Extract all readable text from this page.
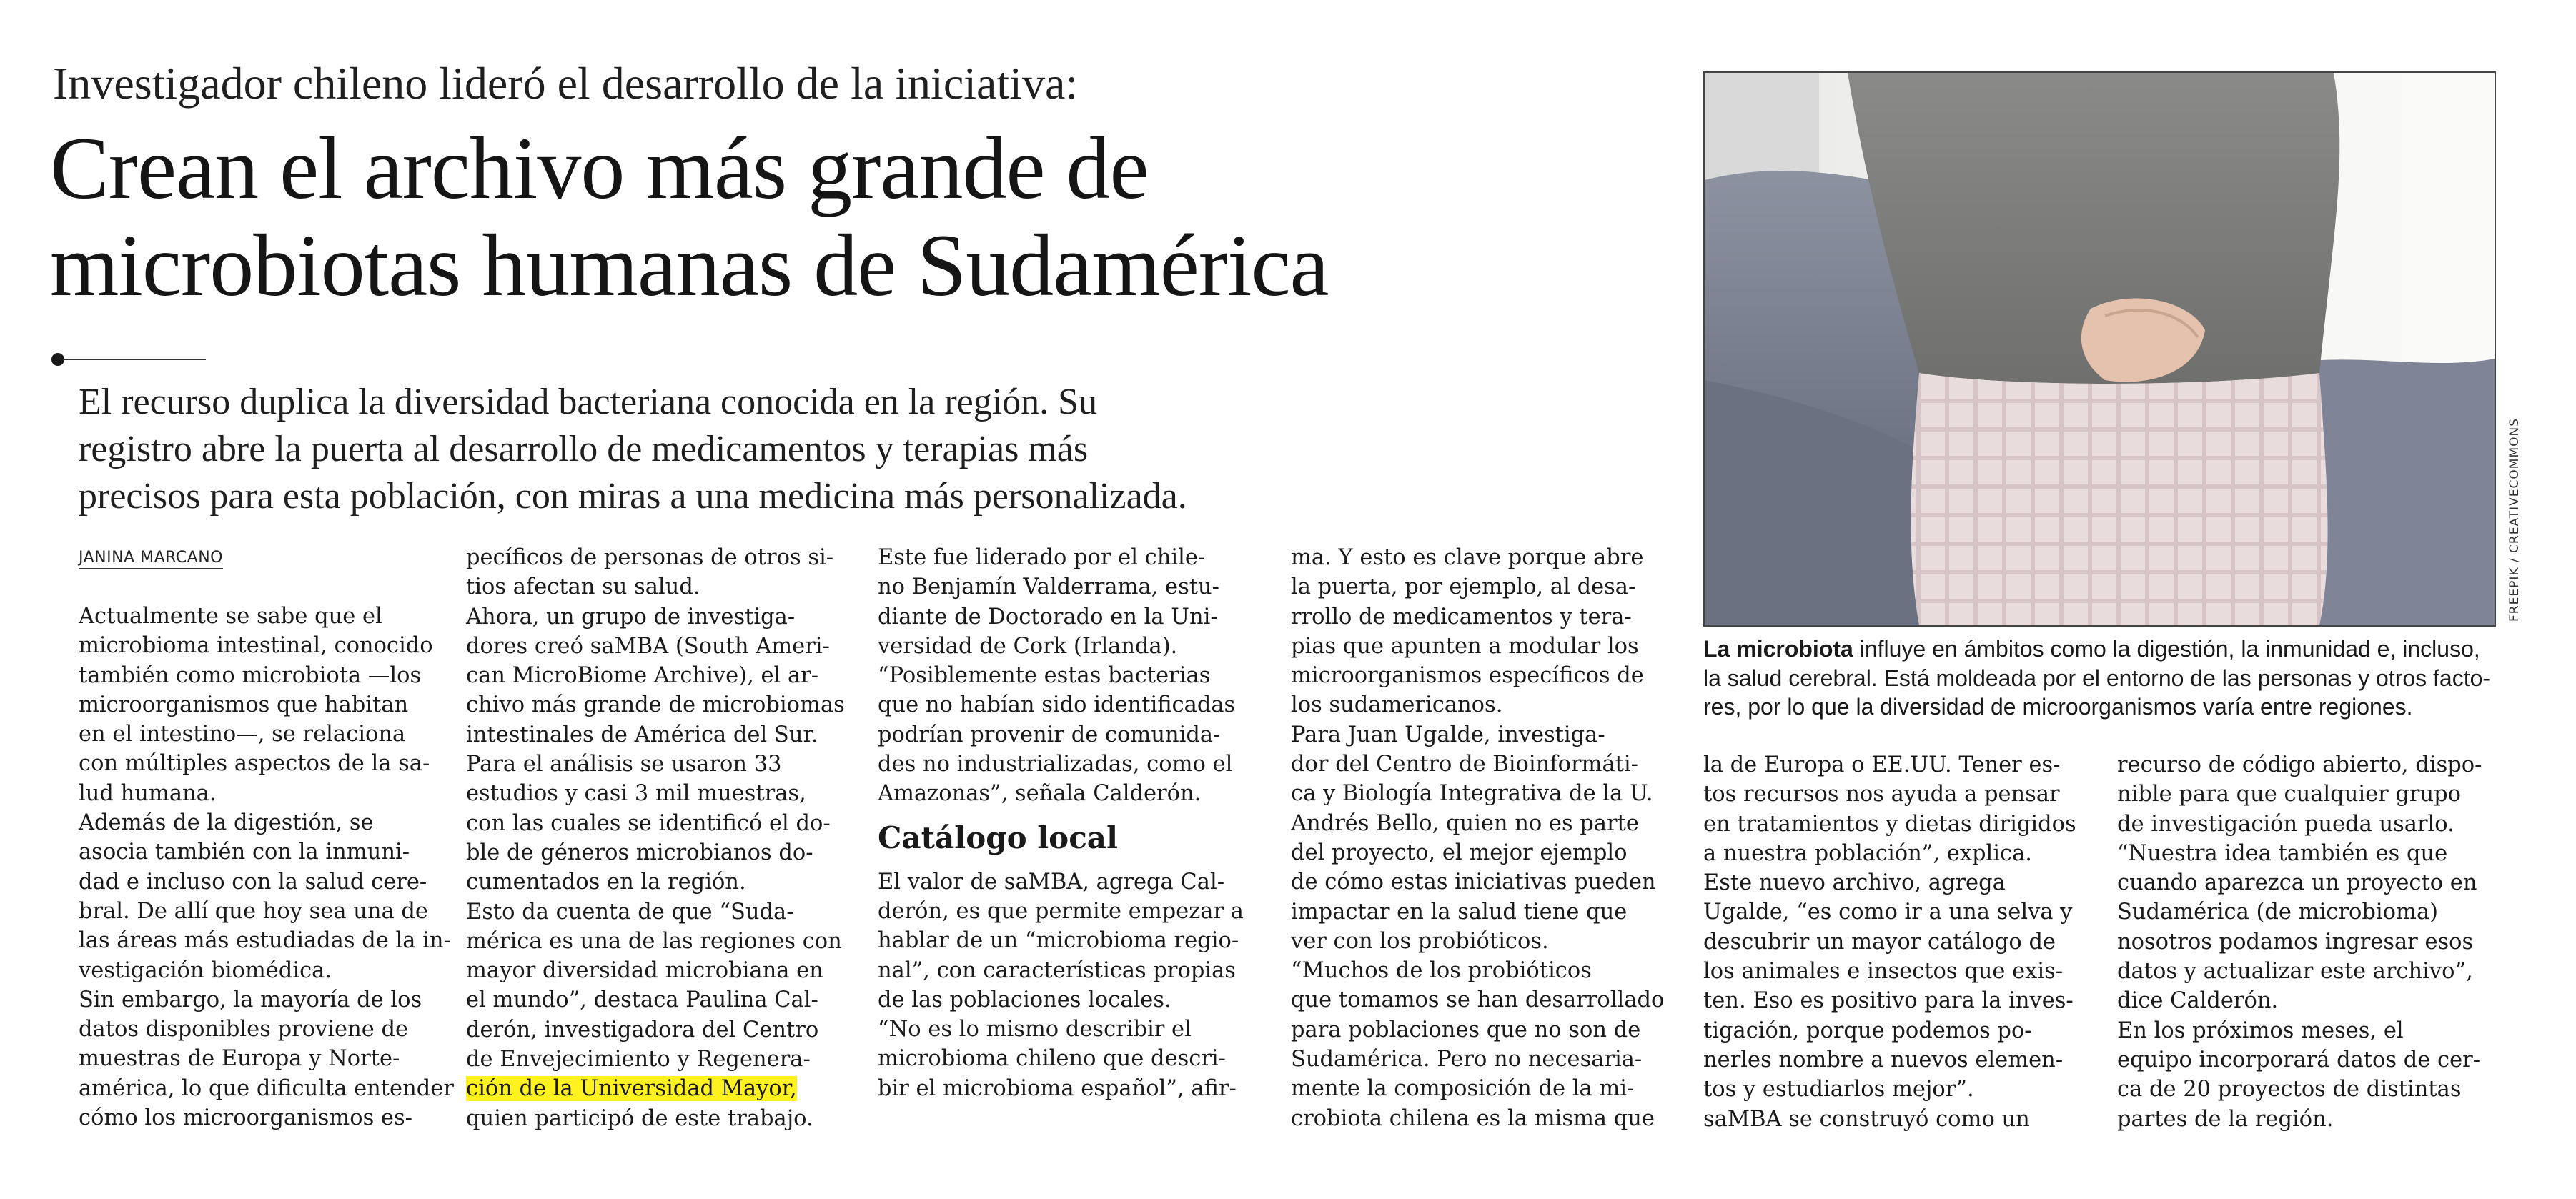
Investigador chileno lideró el desarrollo de la iniciativa:
Crean el archivo más grande de
microbiotas humanas de Sudamérica
El recurso duplica la diversidad bacteriana conocida en la región. Su
registro abre la puerta al desarrollo de medicamentos y terapias más
precisos para esta población, con miras a una medicina más personalizada.
JANINA MARCANO
Actualmente se sabe que el
microbioma intestinal, conocido
también como microbiota —los
microorganismos que habitan
en el intestino—, se relaciona
con múltiples aspectos de la sa-
lud humana.
Además de la digestión, se
asocia también con la inmuni-
dad e incluso con la salud cere-
bral. De allí que hoy sea una de
las áreas más estudiadas de la in-
vestigación biomédica.
Sin embargo, la mayoría de los
datos disponibles proviene de
muestras de Europa y Norte-
américa, lo que dificulta entender
cómo los microorganismos es-
pecíficos de personas de otros si-
tios afectan su salud.
Ahora, un grupo de investiga-
dores creó saMBA (South Ameri-
can MicroBiome Archive), el ar-
chivo más grande de microbiomas
intestinales de América del Sur.
Para el análisis se usaron 33
estudios y casi 3 mil muestras,
con las cuales se identificó el do-
ble de géneros microbianos do-
cumentados en la región.
Esto da cuenta de que “Suda-
mérica es una de las regiones con
mayor diversidad microbiana en
el mundo”, destaca Paulina Cal-
derón, investigadora del Centro
de Envejecimiento y Regenera-
ción de la Universidad Mayor,
quien participó de este trabajo.
Este fue liderado por el chile-
no Benjamín Valderrama, estu-
diante de Doctorado en la Uni-
versidad de Cork (Irlanda).
“Posiblemente estas bacterias
que no habían sido identificadas
podrían provenir de comunida-
des no industrializadas, como el
Amazonas”, señala Calderón.
Catálogo local
El valor de saMBA, agrega Cal-
derón, es que permite empezar a
hablar de un “microbioma regio-
nal”, con características propias
de las poblaciones locales.
“No es lo mismo describir el
microbioma chileno que descri-
bir el microbioma español”, afir-
ma. Y esto es clave porque abre
la puerta, por ejemplo, al desa-
rrollo de medicamentos y tera-
pias que apunten a modular los
microorganismos específicos de
los sudamericanos.
Para Juan Ugalde, investiga-
dor del Centro de Bioinformáti-
ca y Biología Integrativa de la U.
Andrés Bello, quien no es parte
del proyecto, el mejor ejemplo
de cómo estas iniciativas pueden
impactar en la salud tiene que
ver con los probióticos.
“Muchos de los probióticos
que tomamos se han desarrollado
para poblaciones que no son de
Sudamérica. Pero no necesaria-
mente la composición de la mi-
crobiota chilena es la misma que
la de Europa o EE.UU. Tener es-
tos recursos nos ayuda a pensar
en tratamientos y dietas dirigidos
a nuestra población”, explica.
Este nuevo archivo, agrega
Ugalde, “es como ir a una selva y
descubrir un mayor catálogo de
los animales e insectos que exis-
ten. Eso es positivo para la inves-
tigación, porque podemos po-
nerles nombre a nuevos elemen-
tos y estudiarlos mejor”.
saMBA se construyó como un
recurso de código abierto, dispo-
nible para que cualquier grupo
de investigación pueda usarlo.
“Nuestra idea también es que
cuando aparezca un proyecto en
Sudamérica (de microbioma)
nosotros podamos ingresar esos
datos y actualizar este archivo”,
dice Calderón.
En los próximos meses, el
equipo incorporará datos de cer-
ca de 20 proyectos de distintas
partes de la región.
FREEPIK / CREATIVECOMMONS
La microbiota influye en ámbitos como la digestión, la inmunidad e, incluso,
la salud cerebral. Está moldeada por el entorno de las personas y otros facto-
res, por lo que la diversidad de microorganismos varía entre regiones.
